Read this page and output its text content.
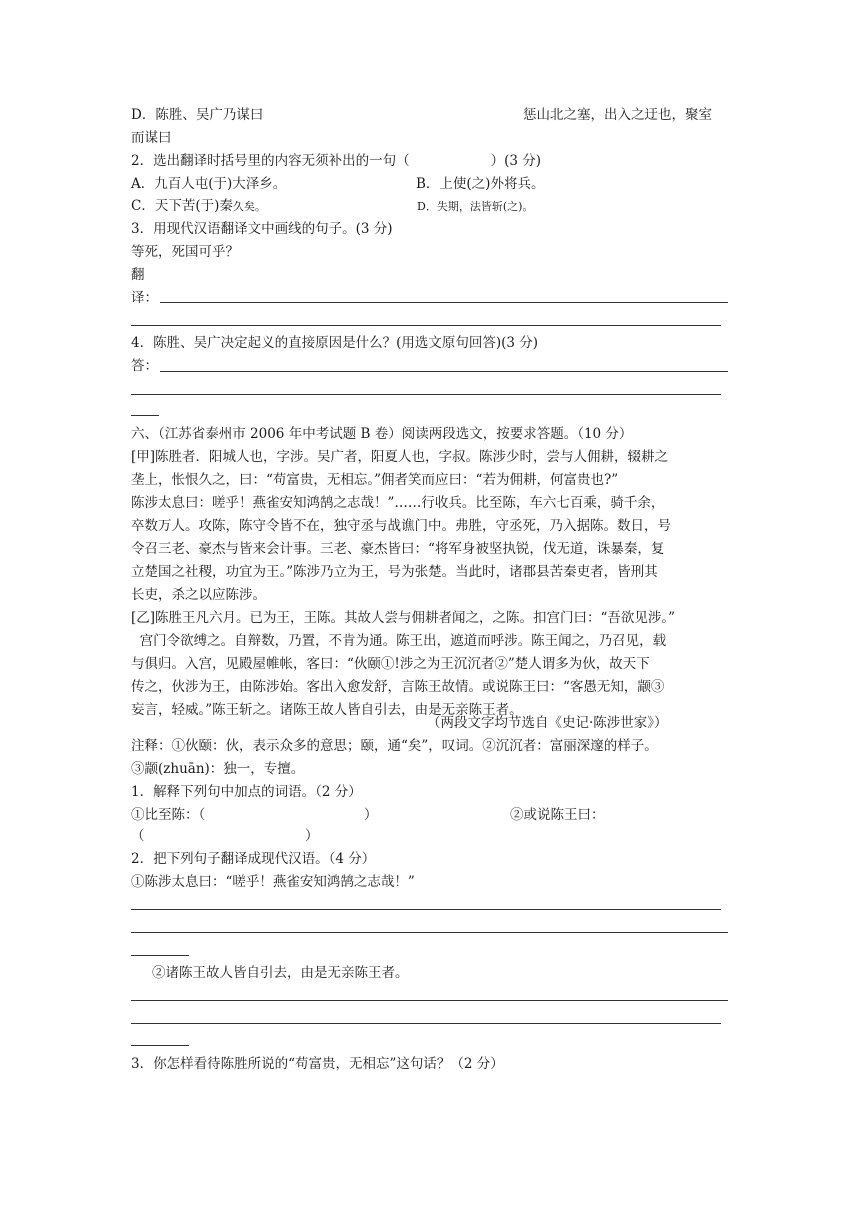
D．陈胜、吴广乃谋曰	惩山北之塞，出入之迂也，聚室
而谋曰
2．选出翻译时括号里的内容无须补出的一句（　　　　　　）(3 分)
A．九百人屯(于)大泽乡。	B．上使(之)外将兵。
C．天下苦(于)秦久矣。	D．失期，法皆斩(之)。
3．用现代汉语翻译文中画线的句子。(3 分)
等死，死国可乎？
翻
译：
4．陈胜、吴广决定起义的直接原因是什么？(用选文原句回答)(3 分)
答：
六、（江苏省泰州市 2006 年中考试题 B 卷）阅读两段选文，按要求答题。（10 分）
[甲]陈胜者．阳城人也，字涉。吴广者，阳夏人也，字叔。陈涉少时，尝与人佣耕，辍耕之
垄上，怅恨久之，曰：“苟富贵，无相忘。”佣者笑而应曰：“若为佣耕，何富贵也?”
陈涉太息曰：嗟乎！燕雀安知鸿鹄之志哉！”……行收兵。比至陈，车六七百乘，骑千余，
卒数万人。攻陈，陈守令皆不在，独守丞与战谯门中。弗胜，守丞死，乃入据陈。数日，号
令召三老、豪杰与皆来会计事。三老、豪杰皆曰：“将军身被坚执锐，伐无道，诛暴秦，复
立楚国之社稷，功宜为王。”陈涉乃立为王，号为张楚。当此时，诸郡县苦秦吏者，皆刑其
长吏，杀之以应陈涉。
[乙]陈胜王凡六月。已为王，王陈。其故人尝与佣耕者闻之，之陈。扣宫门曰：“吾欲见涉。”
宫门令欲缚之。自辩数，乃置，不肯为通。陈王出，遮道而呼涉。陈王闻之，乃召见，载
与俱归。入宫，见殿屋帷帐，客曰：“伙颐①!涉之为王沉沉者②”楚人谓多为伙，故天下
传之，伙涉为王，由陈涉始。客出入愈发舒，言陈王故情。或说陈王曰：“客愚无知，颛③
妄言，轻威。”陈王斩之。诸陈王故人皆自引去，由是无亲陈王者。
（两段文字均节选自《史记·陈涉世家》）
注释：①伙颐：伙，表示众多的意思；颐，通“矣”，叹词。②沉沉者：富丽深邃的样子。
③颛(zhuān)：独一，专擅。
1．解释下列句中加点的词语。（2 分）
①比至陈：（	）	②或说陈王曰：
（	）
2．把下列句子翻译成现代汉语。（4 分）
①陈涉太息曰：“嗟乎！燕雀安知鸿鹄之志哉！”
②诸陈王故人皆自引去，由是无亲陈王者。
3．你怎样看待陈胜所说的“苟富贵，无相忘”这句话？（2 分）
